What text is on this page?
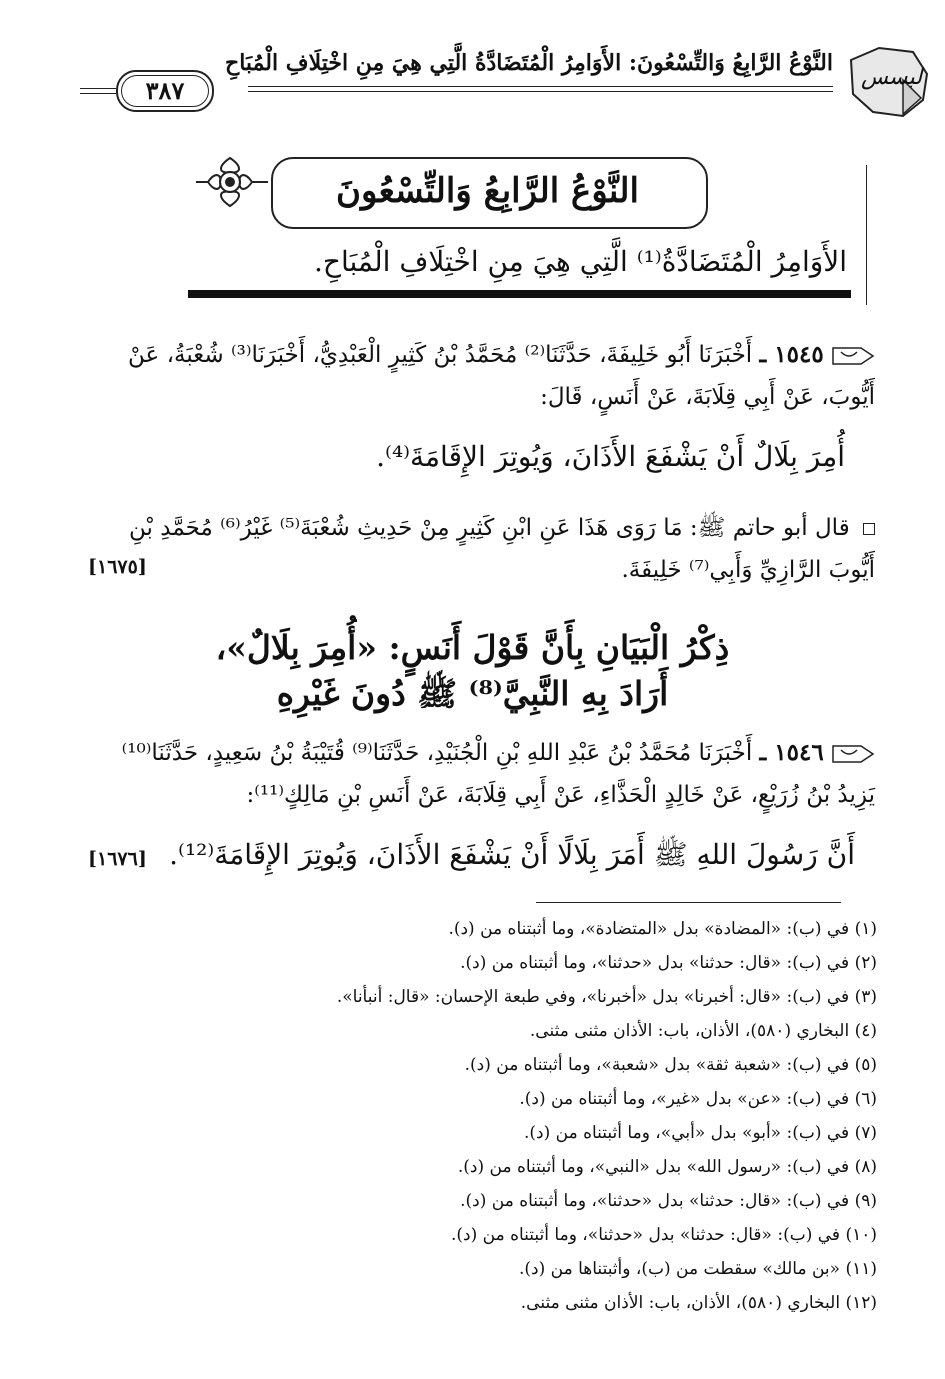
لبسس
النَّوْعُ الرَّابِعُ وَالتِّسْعُونَ: الأَوَامِرُ الْمُتَضَادَّةُ الَّتِي هِيَ مِنِ اخْتِلَافِ الْمُبَاحِ
٣٨٧
النَّوْعُ الرَّابِعُ وَالتِّسْعُونَ
الأَوَامِرُ الْمُتَضَادَّةُ⁽¹⁾ الَّتِي هِيَ مِنِ اخْتِلَافِ الْمُبَاحِ.
١٥٤٥ ـ أَخْبَرَنَا أَبُو خَلِيفَةَ، حَدَّثَنَا⁽²⁾ مُحَمَّدُ بْنُ كَثِيرٍ الْعَبْدِيُّ، أَخْبَرَنَا⁽³⁾ شُعْبَةُ، عَنْ
أَيُّوبَ، عَنْ أَبِي قِلَابَةَ، عَنْ أَنَسٍ، قَالَ:
أُمِرَ بِلَالٌ أَنْ يَشْفَعَ الأَذَانَ، وَيُوتِرَ الإِقَامَةَ⁽⁴⁾.
قال أبو حاتم ﷺ: مَا رَوَى هَذَا عَنِ ابْنِ كَثِيرٍ مِنْ حَدِيثِ شُعْبَةَ⁽⁵⁾ غَيْرُ⁽⁶⁾ مُحَمَّدِ بْنِ
أَيُّوبَ الرَّازِيِّ وَأَبِي⁽⁷⁾ خَلِيفَةَ.
[١٦٧٥]
ذِكْرُ الْبَيَانِ بِأَنَّ قَوْلَ أَنَسٍ: «أُمِرَ بِلَالٌ»،
أَرَادَ بِهِ النَّبِيَّ⁽⁸⁾ ﷺ دُونَ غَيْرِهِ
١٥٤٦ ـ أَخْبَرَنَا مُحَمَّدُ بْنُ عَبْدِ اللهِ بْنِ الْجُنَيْدِ، حَدَّثَنَا⁽⁹⁾ قُتَيْبَةُ بْنُ سَعِيدٍ، حَدَّثَنَا⁽¹⁰⁾
يَزِيدُ بْنُ زُرَيْعٍ، عَنْ خَالِدٍ الْحَذَّاءِ، عَنْ أَبِي قِلَابَةَ، عَنْ أَنَسِ بْنِ مَالِكٍ⁽¹¹⁾:
أَنَّ رَسُولَ اللهِ ﷺ أَمَرَ بِلَالًا أَنْ يَشْفَعَ الأَذَانَ، وَيُوتِرَ الإِقَامَةَ⁽¹²⁾.
[١٦٧٦]
(١) في (ب): «المضادة» بدل «المتضادة»، وما أثبتناه من (د).
(٢) في (ب): «قال: حدثنا» بدل «حدثنا»، وما أثبتناه من (د).
(٣) في (ب): «قال: أخبرنا» بدل «أخبرنا»، وفي طبعة الإحسان: «قال: أنبأنا».
(٤) البخاري (٥٨٠)، الأذان، باب: الأذان مثنى مثنى.
(٥) في (ب): «شعبة ثقة» بدل «شعبة»، وما أثبتناه من (د).
(٦) في (ب): «عن» بدل «غير»، وما أثبتناه من (د).
(٧) في (ب): «أبو» بدل «أبي»، وما أثبتناه من (د).
(٨) في (ب): «رسول الله» بدل «النبي»، وما أثبتناه من (د).
(٩) في (ب): «قال: حدثنا» بدل «حدثنا»، وما أثبتناه من (د).
(١٠) في (ب): «قال: حدثنا» بدل «حدثنا»، وما أثبتناه من (د).
(١١) «بن مالك» سقطت من (ب)، وأثبتناها من (د).
(١٢) البخاري (٥٨٠)، الأذان، باب: الأذان مثنى مثنى.
